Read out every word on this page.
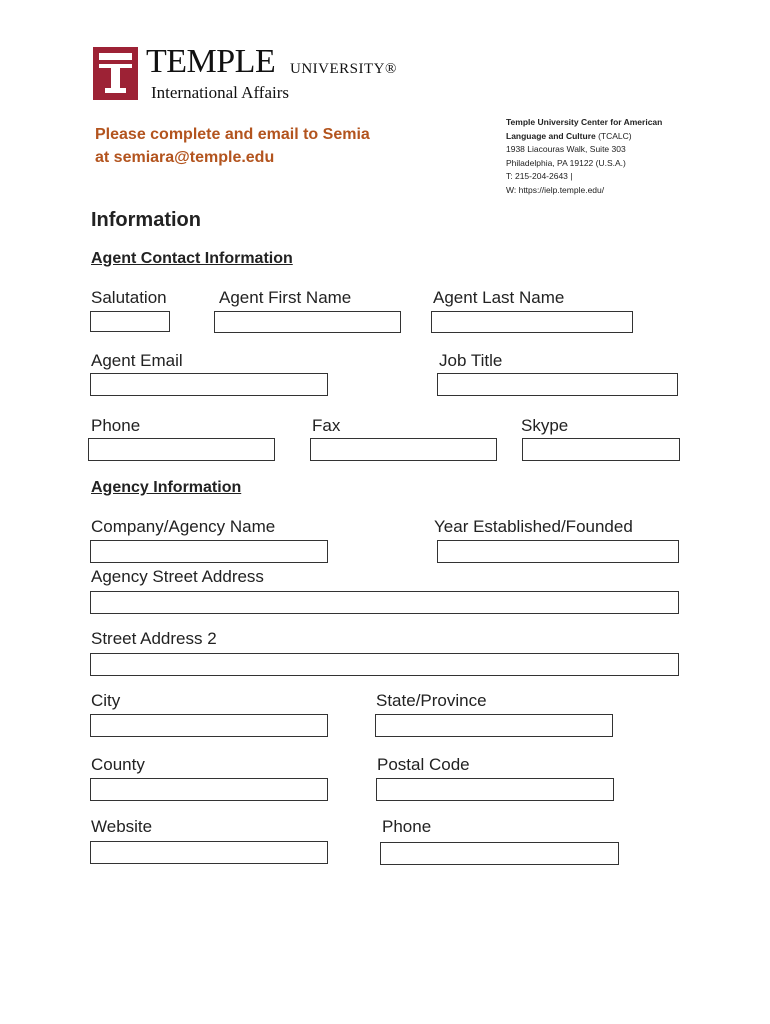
TEMPLE UNIVERSITY®
International Affairs
Please complete and email to Semia
at semiara@temple.edu
Temple University Center for American
Language and Culture (TCALC)
1938 Liacouras Walk, Suite 303
Philadelphia, PA 19122 (U.S.A.)
T: 215-204-2643 |
W: https://ielp.temple.edu/
Information
Agent Contact Information
Salutation	Agent First Name	Agent Last Name
Agent Email	Job Title
Phone	Fax	Skype
Agency Information
Company/Agency Name	Year Established/Founded
Agency Street Address
Street Address 2
City	State/Province
County	Postal Code
Website	Phone
